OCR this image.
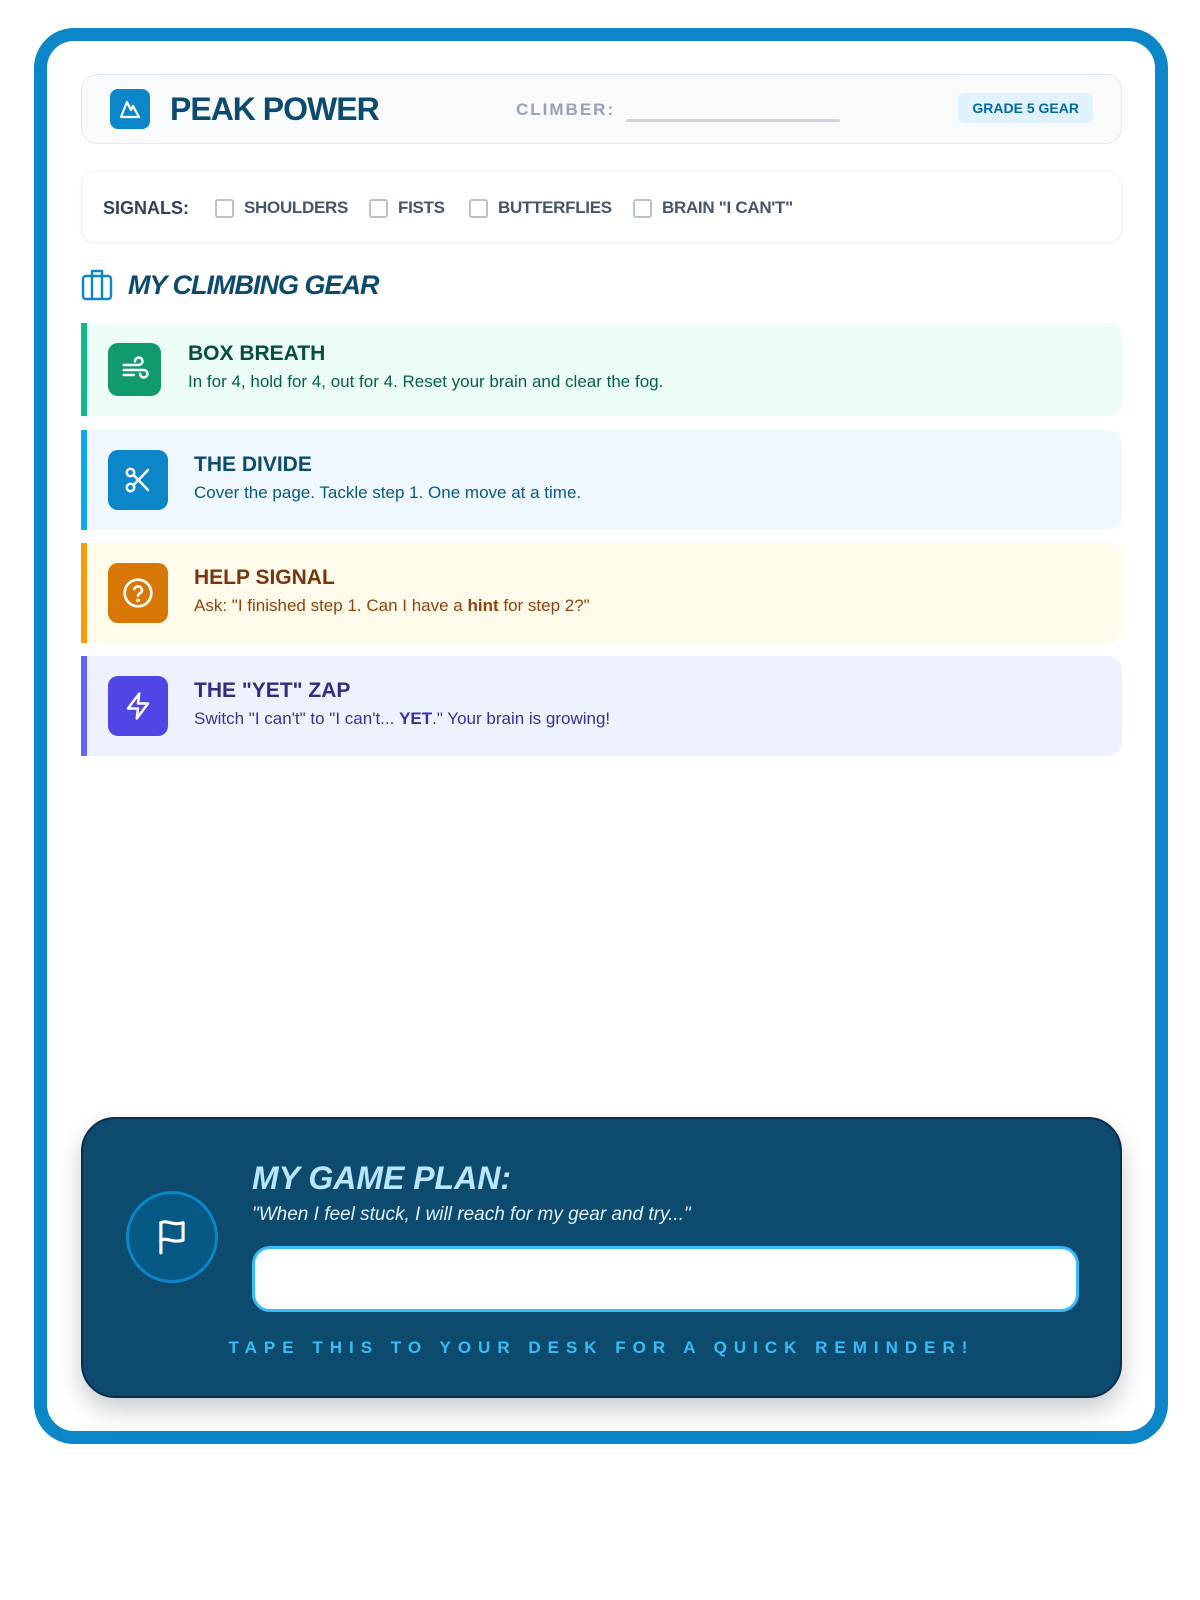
PEAK POWER	CLIMBER:	GRADE 5 GEAR
SIGNALS:	SHOULDERS	FISTS	BUTTERFLIES	BRAIN "I CAN'T"
MY CLIMBING GEAR
BOX BREATH
In for 4, hold for 4, out for 4. Reset your brain and clear the fog.
THE DIVIDE
Cover the page. Tackle step 1. One move at a time.
HELP SIGNAL
Ask: "I finished step 1. Can I have a hint for step 2?"
THE "YET" ZAP
Switch "I can't" to "I can't... YET." Your brain is growing!
MY GAME PLAN:
"When I feel stuck, I will reach for my gear and try..."
TAPE THIS TO YOUR DESK FOR A QUICK REMINDER!
